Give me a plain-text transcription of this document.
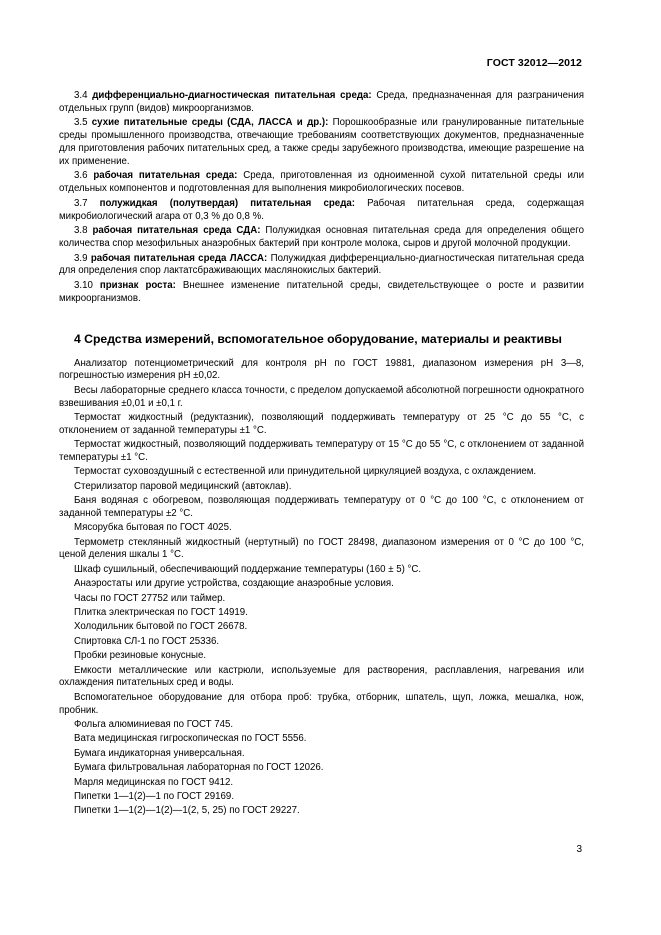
ГОСТ 32012—2012

3.4 дифференциально-диагностическая питательная среда: Среда, предназначенная для разграничения отдельных групп (видов) микроорганизмов.

3.5 сухие питательные среды (СДА, ЛАССА и др.): Порошкообразные или гранулированные питательные среды промышленного производства, отвечающие требованиям соответствующих документов, предназначенные для приготовления рабочих питательных сред, а также среды зарубежного производства, имеющие разрешение на их применение.

3.6 рабочая питательная среда: Среда, приготовленная из одноименной сухой питательной среды или отдельных компонентов и подготовленная для выполнения микробиологических посевов.

3.7 полужидкая (полутвердая) питательная среда: Рабочая питательная среда, содержащая микробиологический агара от 0,3 % до 0,8 %.

3.8 рабочая питательная среда СДА: Полужидкая основная питательная среда для определения общего количества спор мезофильных анаэробных бактерий при контроле молока, сыров и другой молочной продукции.

3.9 рабочая питательная среда ЛАССА: Полужидкая дифференциально-диагностическая питательная среда для определения спор лактатсбраживающих маслянокислых бактерий.

3.10 признак роста: Внешнее изменение питательной среды, свидетельствующее о росте и развитии микроорганизмов.

4 Средства измерений, вспомогательное оборудование, материалы и реактивы

Анализатор потенциометрический для контроля pH по ГОСТ 19881, диапазоном измерения pH 3—8, погрешностью измерения pH ±0,02.

Весы лабораторные среднего класса точности, с пределом допускаемой абсолютной погрешности однократного взвешивания ±0,01 и ±0,1 г.

Термостат жидкостный (редуктазник), позволяющий поддерживать температуру от 25 °С до 55 °С, с отклонением от заданной температуры ±1 °С.

Термостат жидкостный, позволяющий поддерживать температуру от 15 °С до 55 °С, с отклонением от заданной температуры ±1 °С.

Термостат суховоздушный с естественной или принудительной циркуляцией воздуха, с охлаждением.

Стерилизатор паровой медицинский (автоклав).

Баня водяная с обогревом, позволяющая поддерживать температуру от 0 °С до 100 °С, с отклонением от заданной температуры ±2 °С.

Мясорубка бытовая по ГОСТ 4025.

Термометр стеклянный жидкостный (нертутный) по ГОСТ 28498, диапазоном измерения от 0 °С до 100 °С, ценой деления шкалы 1 °С.

Шкаф сушильный, обеспечивающий поддержание температуры (160 ± 5) °С.

Анаэростаты или другие устройства, создающие анаэробные условия.

Часы по ГОСТ 27752 или таймер.

Плитка электрическая по ГОСТ 14919.

Холодильник бытовой по ГОСТ 26678.

Спиртовка СЛ-1 по ГОСТ 25336.

Пробки резиновые конусные.

Емкости металлические или кастрюли, используемые для растворения, расплавления, нагревания или охлаждения питательных сред и воды.

Вспомогательное оборудование для отбора проб: трубка, отборник, шпатель, щуп, ложка, мешалка, нож, пробник.

Фольга алюминиевая по ГОСТ 745.

Вата медицинская гигроскопическая по ГОСТ 5556.

Бумага индикаторная универсальная.

Бумага фильтровальная лабораторная по ГОСТ 12026.

Марля медицинская по ГОСТ 9412.

Пипетки 1—1(2)—1 по ГОСТ 29169.

Пипетки 1—1(2)—1(2)—1(2, 5, 25) по ГОСТ 29227.

3
